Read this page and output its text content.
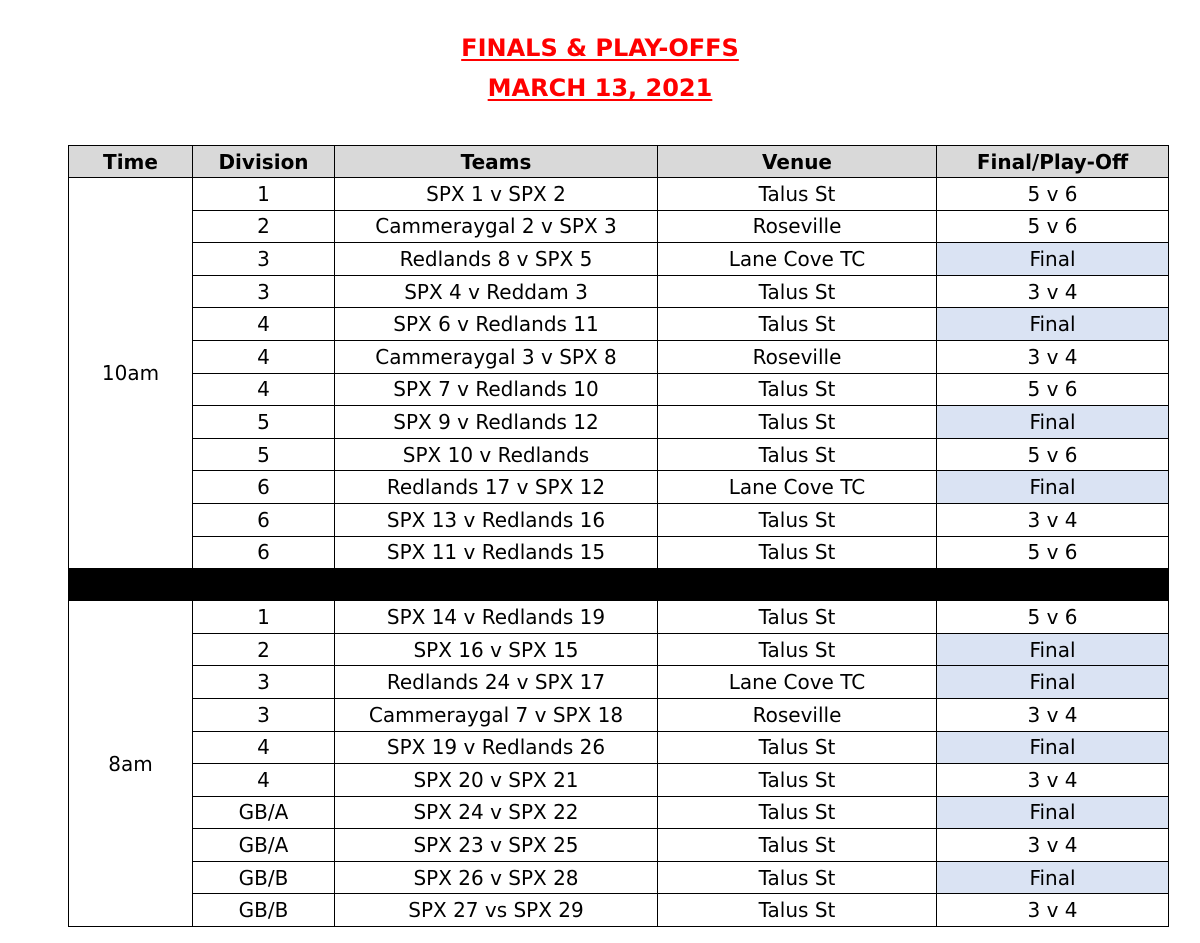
FINALS & PLAY-OFFS
MARCH 13, 2021
Time	Division	Teams	Venue	Final/Play-Off
10am	1	SPX 1 v SPX 2	Talus St	5 v 6
	2	Cammeraygal 2 v SPX 3	Roseville	5 v 6
	3	Redlands 8 v SPX 5	Lane Cove TC	Final
	3	SPX 4 v Reddam 3	Talus St	3 v 4
	4	SPX 6 v Redlands 11	Talus St	Final
	4	Cammeraygal 3 v SPX 8	Roseville	3 v 4
	4	SPX 7 v Redlands 10	Talus St	5 v 6
	5	SPX 9 v Redlands 12	Talus St	Final
	5	SPX 10 v Redlands	Talus St	5 v 6
	6	Redlands 17 v SPX 12	Lane Cove TC	Final
	6	SPX 13 v Redlands 16	Talus St	3 v 4
	6	SPX 11 v Redlands 15	Talus St	5 v 6

8am	1	SPX 14 v Redlands 19	Talus St	5 v 6
	2	SPX 16 v SPX 15	Talus St	Final
	3	Redlands 24 v SPX 17	Lane Cove TC	Final
	3	Cammeraygal 7 v SPX 18	Roseville	3 v 4
	4	SPX 19 v Redlands 26	Talus St	Final
	4	SPX 20 v SPX 21	Talus St	3 v 4
	GB/A	SPX 24 v SPX 22	Talus St	Final
	GB/A	SPX 23 v SPX 25	Talus St	3 v 4
	GB/B	SPX 26 v SPX 28	Talus St	Final
	GB/B	SPX 27 vs SPX 29	Talus St	3 v 4
